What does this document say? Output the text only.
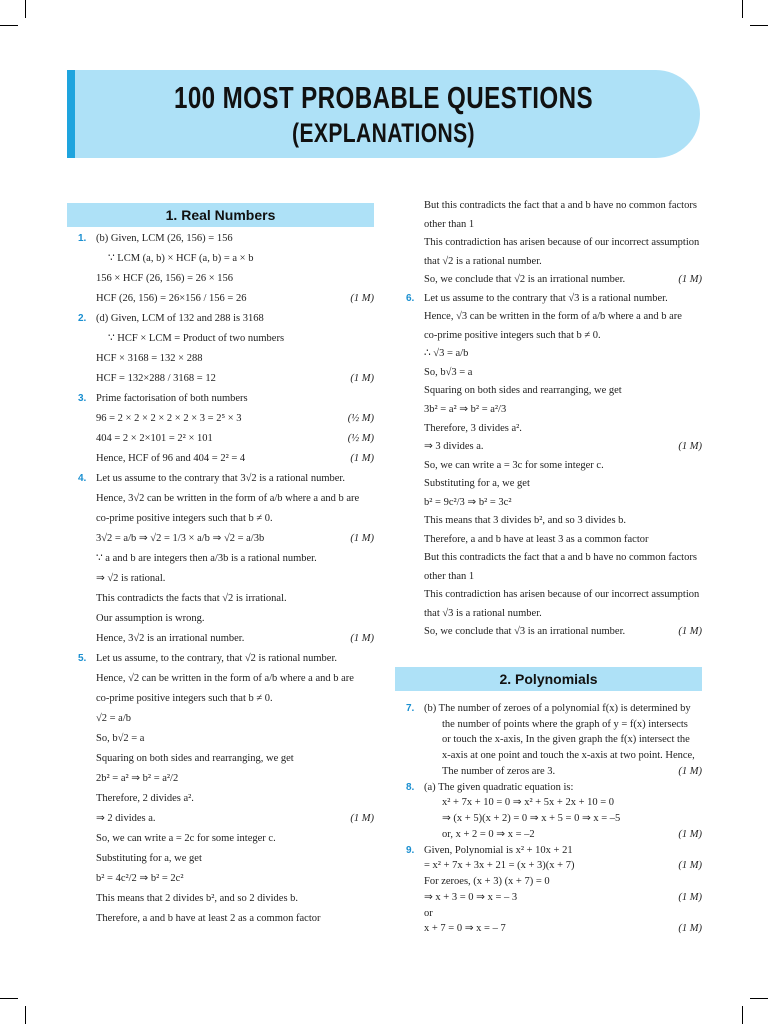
100 MOST PROBABLE QUESTIONS
(EXPLANATIONS)
1. Real Numbers
2. Polynomials
1. (b) Given, LCM (26, 156) = 156
∵ LCM (a, b) × HCF (a, b) = a × b
156 × HCF (26, 156) = 26 × 156
HCF (26, 156) = 26×156 / 156 = 26	(1 M)
2. (d) Given, LCM of 132 and 288 is 3168
∵ HCF × LCM = Product of two numbers
HCF × 3168 = 132 × 288
HCF = 132×288 / 3168 = 12	(1 M)
3. Prime factorisation of both numbers
96 = 2 × 2 × 2 × 2 × 2 × 3 = 2⁵ × 3	(½ M)
404 = 2 × 2×101 = 2² × 101	(½ M)
Hence, HCF of 96 and 404 = 2² = 4	(1 M)
4. Let us assume to the contrary that 3√2 is a rational number.
Hence, 3√2 can be written in the form of a/b where a and b are
co-prime positive integers such that b ≠ 0.
3√2 = a/b ⇒ √2 = 1/3 × a/b ⇒ √2 = a/3b	(1 M)
∵ a and b are integers then a/3b is a rational number.
⇒ √2 is rational.
This contradicts the facts that √2 is irrational.
Our assumption is wrong.
Hence, 3√2 is an irrational number.	(1 M)
5. Let us assume, to the contrary, that √2 is rational number.
Hence, √2 can be written in the form of a/b where a and b are
co-prime positive integers such that b ≠ 0.
√2 = a/b
So, b√2 = a
Squaring on both sides and rearranging, we get
2b² = a² ⇒ b² = a²/2
Therefore, 2 divides a².
⇒ 2 divides a.	(1 M)
So, we can write a = 2c for some integer c.
Substituting for a, we get
b² = 4c²/2 ⇒ b² = 2c²
This means that 2 divides b², and so 2 divides b.
Therefore, a and b have at least 2 as a common factor
But this contradicts the fact that a and b have no common factors
other than 1
This contradiction has arisen because of our incorrect assumption
that √2 is a rational number.
So, we conclude that √2 is an irrational number.	(1 M)
6. Let us assume to the contrary that √3 is a rational number.
Hence, √3 can be written in the form of a/b where a and b are
co-prime positive integers such that b ≠ 0.
∴ √3 = a/b
So, b√3 = a
Squaring on both sides and rearranging, we get
3b² = a² ⇒ b² = a²/3
Therefore, 3 divides a².
⇒ 3 divides a.	(1 M)
So, we can write a = 3c for some integer c.
Substituting for a, we get
b² = 9c²/3 ⇒ b² = 3c²
This means that 3 divides b², and so 3 divides b.
Therefore, a and b have at least 3 as a common factor
But this contradicts the fact that a and b have no common factors
other than 1
This contradiction has arisen because of our incorrect assumption
that √3 is a rational number.
So, we conclude that √3 is an irrational number.	(1 M)
7. (b) The number of zeroes of a polynomial f(x) is determined by
the number of points where the graph of y = f(x) intersects
or touch the x-axis, In the given graph the f(x) intersect the
x-axis at one point and touch the x-axis at two point. Hence,
The number of zeros are 3.	(1 M)
8. (a) The given quadratic equation is:
x² + 7x + 10 = 0 ⇒ x² + 5x + 2x + 10 = 0
⇒ (x + 5)(x + 2) = 0 ⇒ x + 5 = 0 ⇒ x = –5
or, x + 2 = 0 ⇒ x = –2	(1 M)
9. Given, Polynomial is x² + 10x + 21
= x² + 7x + 3x + 21 = (x + 3)(x + 7)	(1 M)
For zeroes, (x + 3) (x + 7) = 0
⇒ x + 3 = 0 ⇒ x = – 3	(1 M)
or
x + 7 = 0 ⇒ x = – 7	(1 M)
